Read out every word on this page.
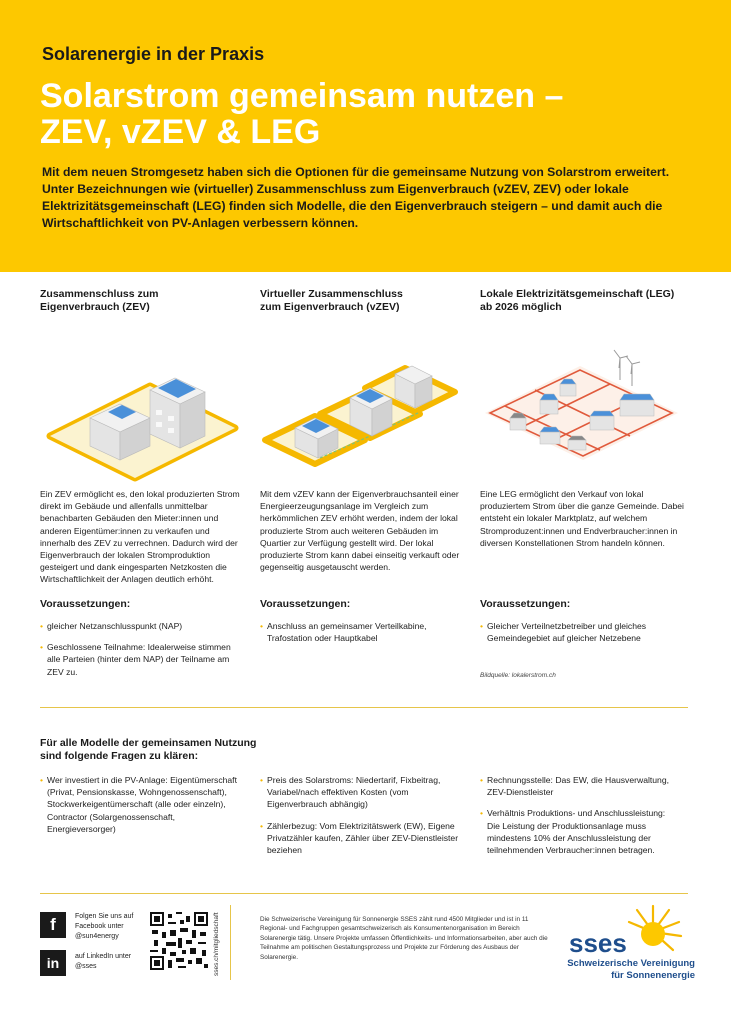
Solarenergie in der Praxis
Solarstrom gemeinsam nutzen –
ZEV, vZEV & LEG
Mit dem neuen Stromgesetz haben sich die Optionen für die gemeinsame Nutzung von Solarstrom erweitert. Unter Bezeichnungen wie (virtueller) Zusammenschluss zum Eigenverbrauch (vZEV, ZEV) oder lokale Elektrizitätsgemeinschaft (LEG) finden sich Modelle, die den Eigenverbrauch steigern – und damit auch die Wirtschaftlichkeit von PV-Anlagen verbessern können.
Zusammenschluss zum
Eigenverbrauch (ZEV)
Ein ZEV ermöglicht es, den lokal produzierten Strom direkt im Gebäude und allenfalls unmittelbar benachbarten Gebäuden den Mieter:innen und anderen Eigentümer:innen zu verkaufen und innerhalb des ZEV zu verrechnen. Dadurch wird der Eigenverbrauch der lokalen Stromproduktion gesteigert und dank eingesparten Netzkosten die Wirtschaftlichkeit der Anlagen deutlich erhöht.
Voraussetzungen:
• gleicher Netzanschlusspunkt (NAP)
• Geschlossene Teilnahme: Idealerweise stimmen alle Parteien (hinter dem NAP) der Teilname am ZEV zu.
Virtueller Zusammenschluss
zum Eigenverbrauch (vZEV)
Mit dem vZEV kann der Eigenverbrauchsanteil einer Energieerzeugungsanlage im Vergleich zum herkömmlichen ZEV erhöht werden, indem der lokal produzierte Strom auch weiteren Gebäuden im Quartier zur Verfügung gestellt wird. Der lokal produzierte Strom kann dabei einseitig verkauft oder gegenseitig ausgetauscht werden.
Voraussetzungen:
• Anschluss an gemeinsamer Verteilkabine, Trafostation oder Hauptkabel
Lokale Elektrizitätsgemeinschaft (LEG)
ab 2026 möglich
Eine LEG ermöglicht den Verkauf von lokal produziertem Strom über die ganze Gemeinde. Dabei entsteht ein lokaler Marktplatz, auf welchem Stromproduzent:innen und Endverbraucher:innen in diversen Konstellationen Strom handeln können.
Voraussetzungen:
• Gleicher Verteilnetzbetreiber und gleiches Gemeindegebiet auf gleicher Netzebene
Bildquelle: lokalerstrom.ch
Für alle Modelle der gemeinsamen Nutzung
sind folgende Fragen zu klären:
• Wer investiert in die PV-Anlage: Eigentümerschaft (Privat, Pensionskasse, Wohngenossenschaft), Stockwerkeigentümerschaft (alle oder einzeln), Contractor (Solargenossenschaft, Energieversorger)
• Preis des Solarstroms: Niedertarif, Fixbeitrag, Variabel/nach effektiven Kosten (vom Eigenverbrauch abhängig)
• Zählerbezug: Vom Elektrizitätswerk (EW), Eigene Privatzähler kaufen, Zähler über ZEV-Dienstleister beziehen
• Rechnungsstelle: Das EW, die Hausverwaltung, ZEV-Dienstleister
• Verhältnis Produktions- und Anschlussleistung: Die Leistung der Produktionsanlage muss mindestens 10% der Anschlussleistung der teilnehmenden Verbraucher:innen betragen.
f	Folgen Sie uns auf
Facebook unter
@sun4energy
in	auf LinkedIn unter
@sses	sses.ch/mitgliedschaft	Die Schweizerische Vereinigung für Sonnenergie SSES zählt rund 4500 Mitglieder und ist in 11 Regional- und Fachgruppen gesamtschweizerisch als Konsumentenorganisation im Bereich Solarenergie tätig. Unsere Projekte umfassen Öffentlichkeits- und Informationsarbeiten, aber auch die Teilnahme am politischen Gestaltungsprozess und Projekte zur Förderung des Ausbaus der Solarenergie.	sses
Schweizerische Vereinigung
für Sonnenenergie
